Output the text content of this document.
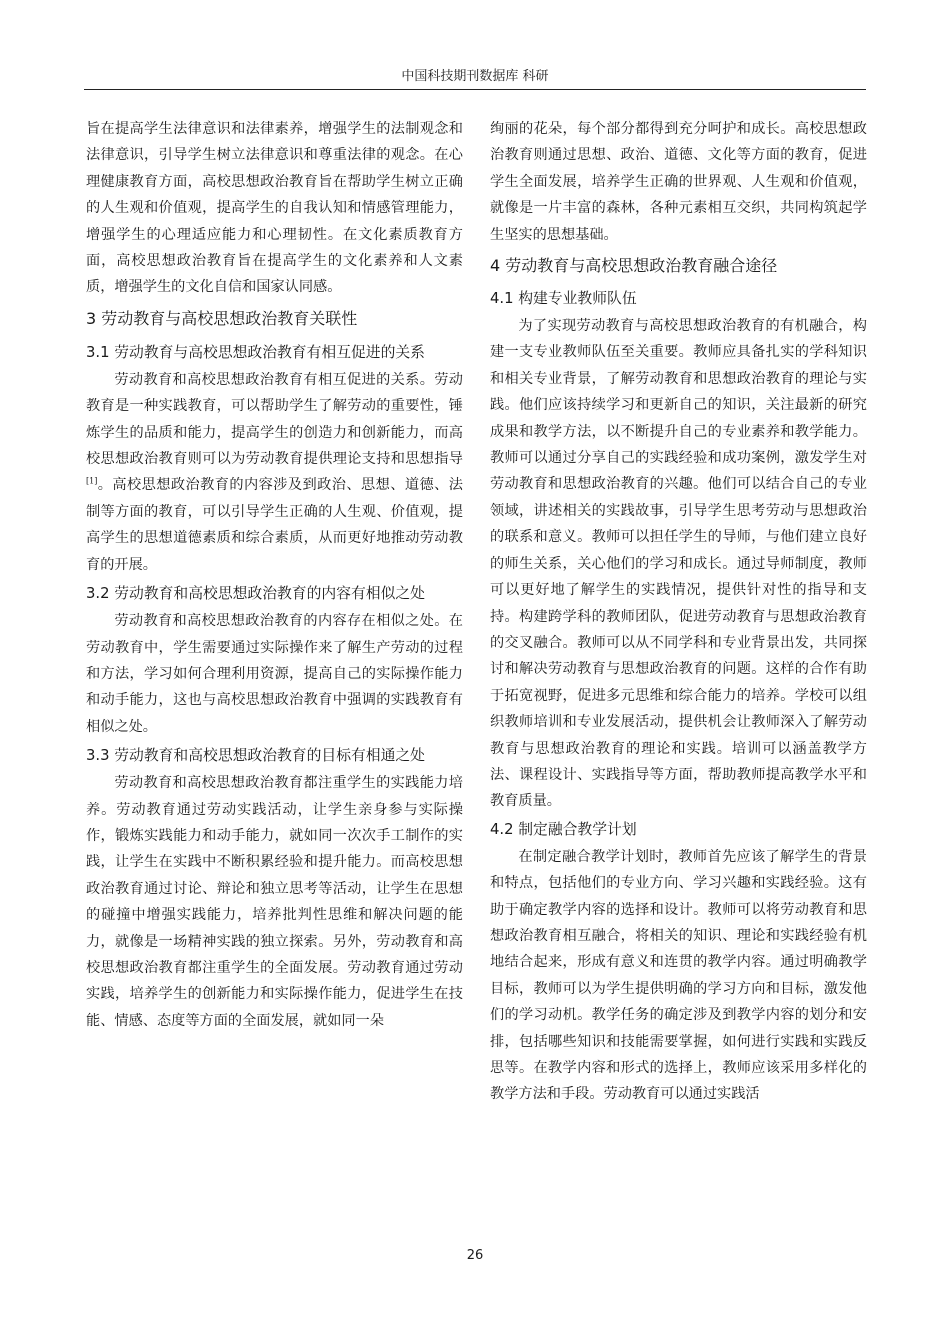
中国科技期刊数据库 科研

旨在提高学生法律意识和法律素养，增强学生的法制观念和法律意识，引导学生树立法律意识和尊重法律的观念。在心理健康教育方面，高校思想政治教育旨在帮助学生树立正确的人生观和价值观，提高学生的自我认知和情感管理能力，增强学生的心理适应能力和心理韧性。在文化素质教育方面，高校思想政治教育旨在提高学生的文化素养和人文素质，增强学生的文化自信和国家认同感。

3 劳动教育与高校思想政治教育关联性
3.1 劳动教育与高校思想政治教育有相互促进的关系

劳动教育和高校思想政治教育有相互促进的关系。劳动教育是一种实践教育，可以帮助学生了解劳动的重要性，锤炼学生的品质和能力，提高学生的创造力和创新能力，而高校思想政治教育则可以为劳动教育提供理论支持和思想指导[1]。高校思想政治教育的内容涉及到政治、思想、道德、法制等方面的教育，可以引导学生正确的人生观、价值观，提高学生的思想道德素质和综合素质，从而更好地推动劳动教育的开展。

3.2 劳动教育和高校思想政治教育的内容有相似之处

劳动教育和高校思想政治教育的内容存在相似之处。在劳动教育中，学生需要通过实际操作来了解生产劳动的过程和方法，学习如何合理利用资源，提高自己的实际操作能力和动手能力，这也与高校思想政治教育中强调的实践教育有相似之处。

3.3 劳动教育和高校思想政治教育的目标有相通之处

劳动教育和高校思想政治教育都注重学生的实践能力培养。劳动教育通过劳动实践活动，让学生亲身参与实际操作，锻炼实践能力和动手能力，就如同一次次手工制作的实践，让学生在实践中不断积累经验和提升能力。而高校思想政治教育通过讨论、辩论和独立思考等活动，让学生在思想的碰撞中增强实践能力，培养批判性思维和解决问题的能力，就像是一场精神实践的独立探索。另外，劳动教育和高校思想政治教育都注重学生的全面发展。劳动教育通过劳动实践，培养学生的创新能力和实际操作能力，促进学生在技能、情感、态度等方面的全面发展，就如同一朵

绚丽的花朵，每个部分都得到充分呵护和成长。高校思想政治教育则通过思想、政治、道德、文化等方面的教育，促进学生全面发展，培养学生正确的世界观、人生观和价值观，就像是一片丰富的森林，各种元素相互交织，共同构筑起学生坚实的思想基础。

4 劳动教育与高校思想政治教育融合途径
4.1 构建专业教师队伍

为了实现劳动教育与高校思想政治教育的有机融合，构建一支专业教师队伍至关重要。教师应具备扎实的学科知识和相关专业背景，了解劳动教育和思想政治教育的理论与实践。他们应该持续学习和更新自己的知识，关注最新的研究成果和教学方法，以不断提升自己的专业素养和教学能力。教师可以通过分享自己的实践经验和成功案例，激发学生对劳动教育和思想政治教育的兴趣。他们可以结合自己的专业领域，讲述相关的实践故事，引导学生思考劳动与思想政治的联系和意义。教师可以担任学生的导师，与他们建立良好的师生关系，关心他们的学习和成长。通过导师制度，教师可以更好地了解学生的实践情况，提供针对性的指导和支持。构建跨学科的教师团队，促进劳动教育与思想政治教育的交叉融合。教师可以从不同学科和专业背景出发，共同探讨和解决劳动教育与思想政治教育的问题。这样的合作有助于拓宽视野，促进多元思维和综合能力的培养。学校可以组织教师培训和专业发展活动，提供机会让教师深入了解劳动教育与思想政治教育的理论和实践。培训可以涵盖教学方法、课程设计、实践指导等方面，帮助教师提高教学水平和教育质量。

4.2 制定融合教学计划

在制定融合教学计划时，教师首先应该了解学生的背景和特点，包括他们的专业方向、学习兴趣和实践经验。这有助于确定教学内容的选择和设计。教师可以将劳动教育和思想政治教育相互融合，将相关的知识、理论和实践经验有机地结合起来，形成有意义和连贯的教学内容。通过明确教学目标，教师可以为学生提供明确的学习方向和目标，激发他们的学习动机。教学任务的确定涉及到教学内容的划分和安排，包括哪些知识和技能需要掌握，如何进行实践和实践反思等。在教学内容和形式的选择上，教师应该采用多样化的教学方法和手段。劳动教育可以通过实践活

26
